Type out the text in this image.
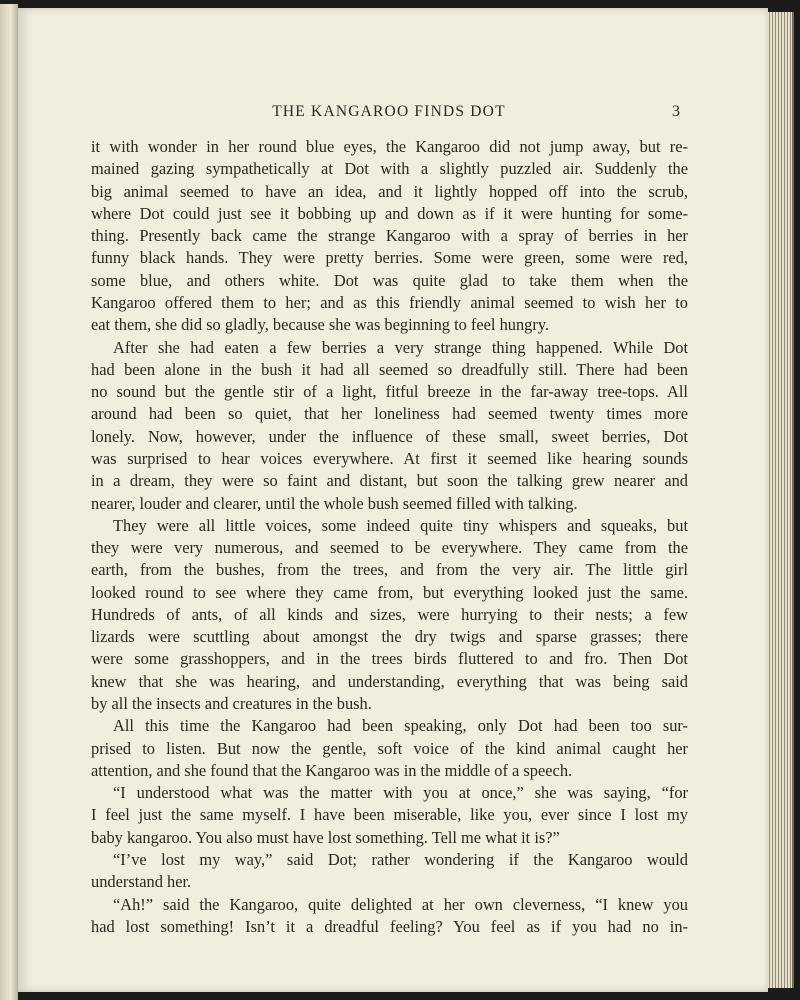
THE KANGAROO FINDS DOT	3
it with wonder in her round blue eyes, the Kangaroo did not jump away, but re-
mained gazing sympathetically at Dot with a slightly puzzled air. Suddenly the
big animal seemed to have an idea, and it lightly hopped off into the scrub,
where Dot could just see it bobbing up and down as if it were hunting for some-
thing. Presently back came the strange Kangaroo with a spray of berries in her
funny black hands. They were pretty berries. Some were green, some were red,
some blue, and others white. Dot was quite glad to take them when the
Kangaroo offered them to her; and as this friendly animal seemed to wish her to
eat them, she did so gladly, because she was beginning to feel hungry.
After she had eaten a few berries a very strange thing happened. While Dot
had been alone in the bush it had all seemed so dreadfully still. There had been
no sound but the gentle stir of a light, fitful breeze in the far-away tree-tops. All
around had been so quiet, that her loneliness had seemed twenty times more
lonely. Now, however, under the influence of these small, sweet berries, Dot
was surprised to hear voices everywhere. At first it seemed like hearing sounds
in a dream, they were so faint and distant, but soon the talking grew nearer and
nearer, louder and clearer, until the whole bush seemed filled with talking.
They were all little voices, some indeed quite tiny whispers and squeaks, but
they were very numerous, and seemed to be everywhere. They came from the
earth, from the bushes, from the trees, and from the very air. The little girl
looked round to see where they came from, but everything looked just the same.
Hundreds of ants, of all kinds and sizes, were hurrying to their nests; a few
lizards were scuttling about amongst the dry twigs and sparse grasses; there
were some grasshoppers, and in the trees birds fluttered to and fro. Then Dot
knew that she was hearing, and understanding, everything that was being said
by all the insects and creatures in the bush.
All this time the Kangaroo had been speaking, only Dot had been too sur-
prised to listen. But now the gentle, soft voice of the kind animal caught her
attention, and she found that the Kangaroo was in the middle of a speech.
“I understood what was the matter with you at once,” she was saying, “for
I feel just the same myself. I have been miserable, like you, ever since I lost my
baby kangaroo. You also must have lost something. Tell me what it is?”
“I’ve lost my way,” said Dot; rather wondering if the Kangaroo would
understand her.
“Ah!” said the Kangaroo, quite delighted at her own cleverness, “I knew you
had lost something! Isn’t it a dreadful feeling? You feel as if you had no in-
